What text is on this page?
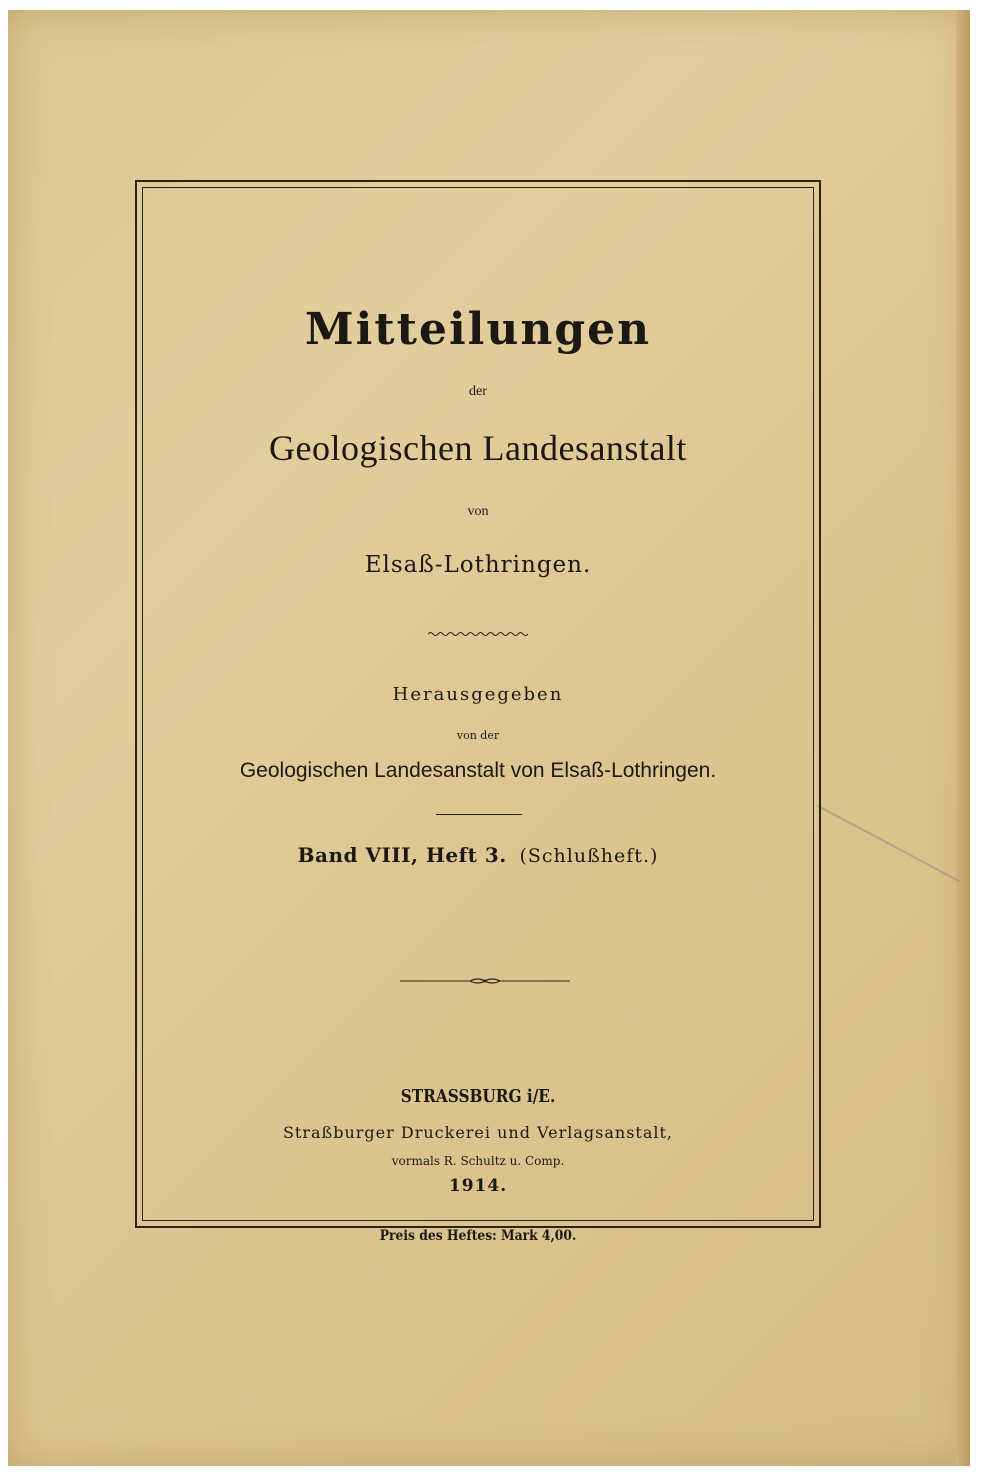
Mitteilungen
der
Geologischen Landesanstalt
von
Elsaß-Lothringen.
Herausgegeben
von der
Geologischen Landesanstalt von Elsaß-Lothringen.
Band VIII, Heft 3. (Schlußheft.)
STRASSBURG i/E.
Straßburger Druckerei und Verlagsanstalt,
vormals R. Schultz u. Comp.
1914.
Preis des Heftes: Mark 4,00.
